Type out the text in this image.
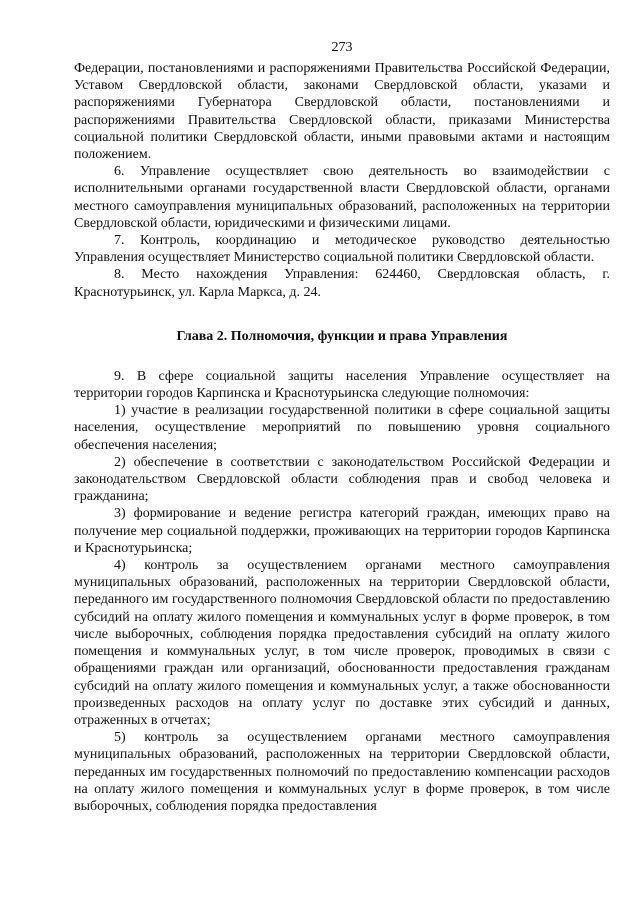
273

Федерации, постановлениями и распоряжениями Правительства Российской Федерации, Уставом Свердловской области, законами Свердловской области, указами и распоряжениями Губернатора Свердловской области, постановлениями и распоряжениями Правительства Свердловской области, приказами Министерства социальной политики Свердловской области, иными правовыми актами и настоящим положением.

6. Управление осуществляет свою деятельность во взаимодействии с исполнительными органами государственной власти Свердловской области, органами местного самоуправления муниципальных образований, расположенных на территории Свердловской области, юридическими и физическими лицами.

7. Контроль, координацию и методическое руководство деятельностью Управления осуществляет Министерство социальной политики Свердловской области.

8. Место нахождения Управления: 624460, Свердловская область, г. Краснотурьинск, ул. Карла Маркса, д. 24.

Глава 2. Полномочия, функции и права Управления

9. В сфере социальной защиты населения Управление осуществляет на территории городов Карпинска и Краснотурьинска следующие полномочия:

1) участие в реализации государственной политики в сфере социальной защиты населения, осуществление мероприятий по повышению уровня социального обеспечения населения;

2) обеспечение в соответствии с законодательством Российской Федерации и законодательством Свердловской области соблюдения прав и свобод человека и гражданина;

3) формирование и ведение регистра категорий граждан, имеющих право на получение мер социальной поддержки, проживающих на территории городов Карпинска и Краснотурьинска;

4) контроль за осуществлением органами местного самоуправления муниципальных образований, расположенных на территории Свердловской области, переданного им государственного полномочия Свердловской области по предоставлению субсидий на оплату жилого помещения и коммунальных услуг в форме проверок, в том числе выборочных, соблюдения порядка предоставления субсидий на оплату жилого помещения и коммунальных услуг, в том числе проверок, проводимых в связи с обращениями граждан или организаций, обоснованности предоставления гражданам субсидий на оплату жилого помещения и коммунальных услуг, а также обоснованности произведенных расходов на оплату услуг по доставке этих субсидий и данных, отраженных в отчетах;

5) контроль за осуществлением органами местного самоуправления муниципальных образований, расположенных на территории Свердловской области, переданных им государственных полномочий по предоставлению компенсации расходов на оплату жилого помещения и коммунальных услуг в форме проверок, в том числе выборочных, соблюдения порядка предоставления
